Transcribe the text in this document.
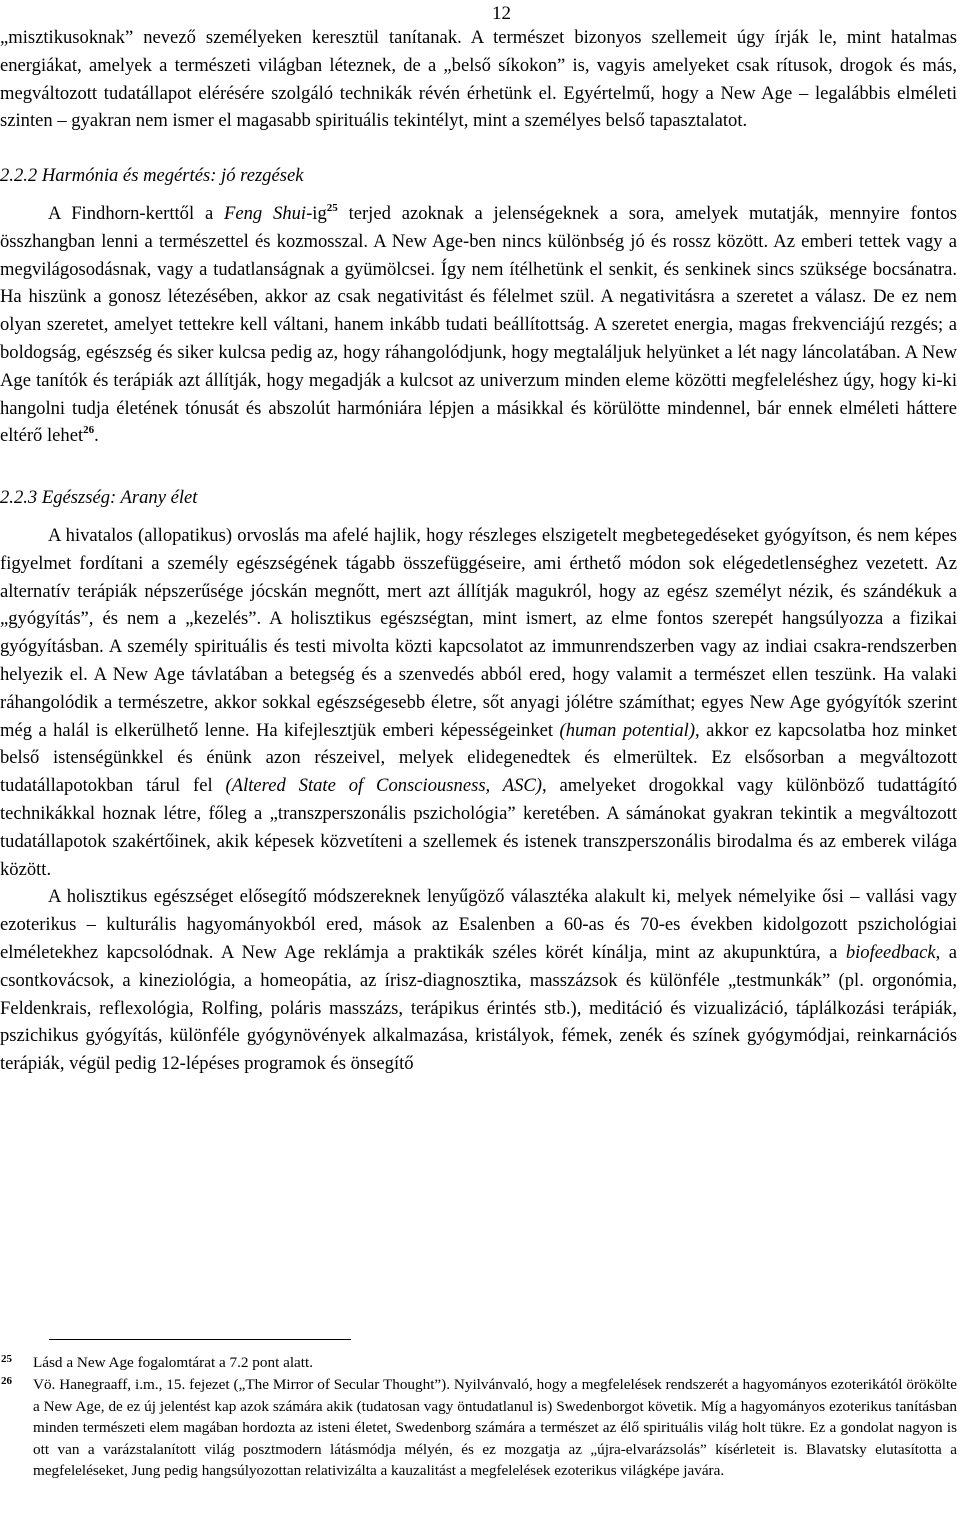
12

„misztikusoknak” nevező személyeken keresztül tanítanak. A természet bizonyos szellemeit úgy írják le, mint hatalmas energiákat, amelyek a természeti világban léteznek, de a „belső síkokon” is, vagyis amelyeket csak rítusok, drogok és más, megváltozott tudatállapot elérésére szolgáló technikák révén érhetünk el. Egyértelmű, hogy a New Age – legalábbis elméleti szinten – gyakran nem ismer el magasabb spirituális tekintélyt, mint a személyes belső tapasztalatot.

2.2.2 Harmónia és megértés: jó rezgések

A Findhorn-kerttől a Feng Shui-$ig^{25}$ terjed azoknak a jelenségeknek a sora, amelyek mutatják, mennyire fontos összhangban lenni a természettel és kozmosszal. A New Age-ben nincs különbség jó és rossz között. Az emberi tettek vagy a megvilágosodásnak, vagy a tudatlanságnak a gyümölcsei. Így nem ítélhetünk el senkit, és senkinek sincs szüksége bocsánatra. Ha hiszünk a gonosz létezésében, akkor az csak negativitást és félelmet szül. A negativitásra a szeretet a válasz. De ez nem olyan szeretet, amelyet tettekre kell váltani, hanem inkább tudati beállítottság. A szeretet energia, magas frekvenciájú rezgés; a boldogság, egészség és siker kulcsa pedig az, hogy ráhangolódjunk, hogy megtaláljuk helyünket a lét nagy láncolatában. A New Age tanítók és terápiák azt állítják, hogy megadják a kulcsot az univerzum minden eleme közötti megfeleléshez úgy, hogy ki-ki hangolni tudja életének tónusát és abszolút harmóniára lépjen a másikkal és körülötte mindennel, bár ennek elméleti háttere eltérő lehet$^{26}$.

2.2.3 Egészség: Arany élet

A hivatalos (allopatikus) orvoslás ma afelé hajlik, hogy részleges elszigetelt megbetegedéseket gyógyítson, és nem képes figyelmet fordítani a személy egészségének tágabb összefüggéseire, ami érthető módon sok elégedetlenséghez vezetett. Az alternatív terápiák népszerűsége jócskán megnőtt, mert azt állítják magukról, hogy az egész személyt nézik, és szándékuk a „gyógyítás”, és nem a „kezelés”. A holisztikus egészségtan, mint ismert, az elme fontos szerepét hangsúlyozza a fizikai gyógyításban. A személy spirituális és testi mivolta közti kapcsolatot az immunrendszerben vagy az indiai csakra-rendszerben helyezik el. A New Age távlatában a betegség és a szenvedés abból ered, hogy valamit a természet ellen teszünk. Ha valaki ráhangolódik a természetre, akkor sokkal egészségesebb életre, sőt anyagi jólétre számíthat; egyes New Age gyógyítók szerint még a halál is elkerülhető lenne. Ha kifejlesztjük emberi képességeinket (human potential), akkor ez kapcsolatba hoz minket belső istenségünkkel és énünk azon részeivel, melyek elidegenedtek és elmerültek. Ez elsősorban a megváltozott tudatállapotokban tárul fel (Altered State of Consciousness, ASC), amelyeket drogokkal vagy különböző tudattágító technikákkal hoznak létre, főleg a „transzperszonális pszichológia” keretében. A sámánokat gyakran tekintik a megváltozott tudatállapotok szakértőinek, akik képesek közvetíteni a szellemek és istenek transzperszonális birodalma és az emberek világa között.

A holisztikus egészséget elősegítő módszereknek lenyűgöző választéka alakult ki, melyek némelyike ősi – vallási vagy ezoterikus – kulturális hagyományokból ered, mások az Esalenben a 60-as és 70-es években kidolgozott pszichológiai elméletekhez kapcsolódnak. A New Age reklámja a praktikák széles körét kínálja, mint az akupunktúra, a biofeedback, a csontkovácsok, a kineziológia, a homeopátia, az írisz-diagnosztika, masszázsok és különféle „testmunkák” (pl. orgonómia, Feldenkrais, reflexológia, Rolfing, poláris masszázs, terápikus érintés stb.), meditáció és vizualizáció, táplálkozási terápiák, pszichikus gyógyítás, különféle gyógynövények alkalmazása, kristályok, fémek, zenék és színek gyógymódjai, reinkarnációs terápiák, végül pedig 12-lépéses programok és önsegítő

25 Lásd a New Age fogalomtárat a 7.2 pont alatt.

26 Vö. Hanegraaff, i.m., 15. fejezet („The Mirror of Secular Thought”). Nyilvánvaló, hogy a megfelelések rendszerét a hagyományos ezoterikától örökölte a New Age, de ez új jelentést kap azok számára akik (tudatosan vagy öntudatlanul is) Swedenborgot követik. Míg a hagyományos ezoterikus tanításban minden természeti elem magában hordozta az isteni életet, Swedenborg számára a természet az élő spirituális világ holt tükre. Ez a gondolat nagyon is ott van a varázstalanított világ posztmodern látásmódja mélyén, és ez mozgatja az „újra-elvarázsolás” kísérleteit is. Blavatsky elutasította a megfeleléseket, Jung pedig hangsúlyozottan relativizálta a kauzalitást a megfelelések ezoterikus világképe javára.
